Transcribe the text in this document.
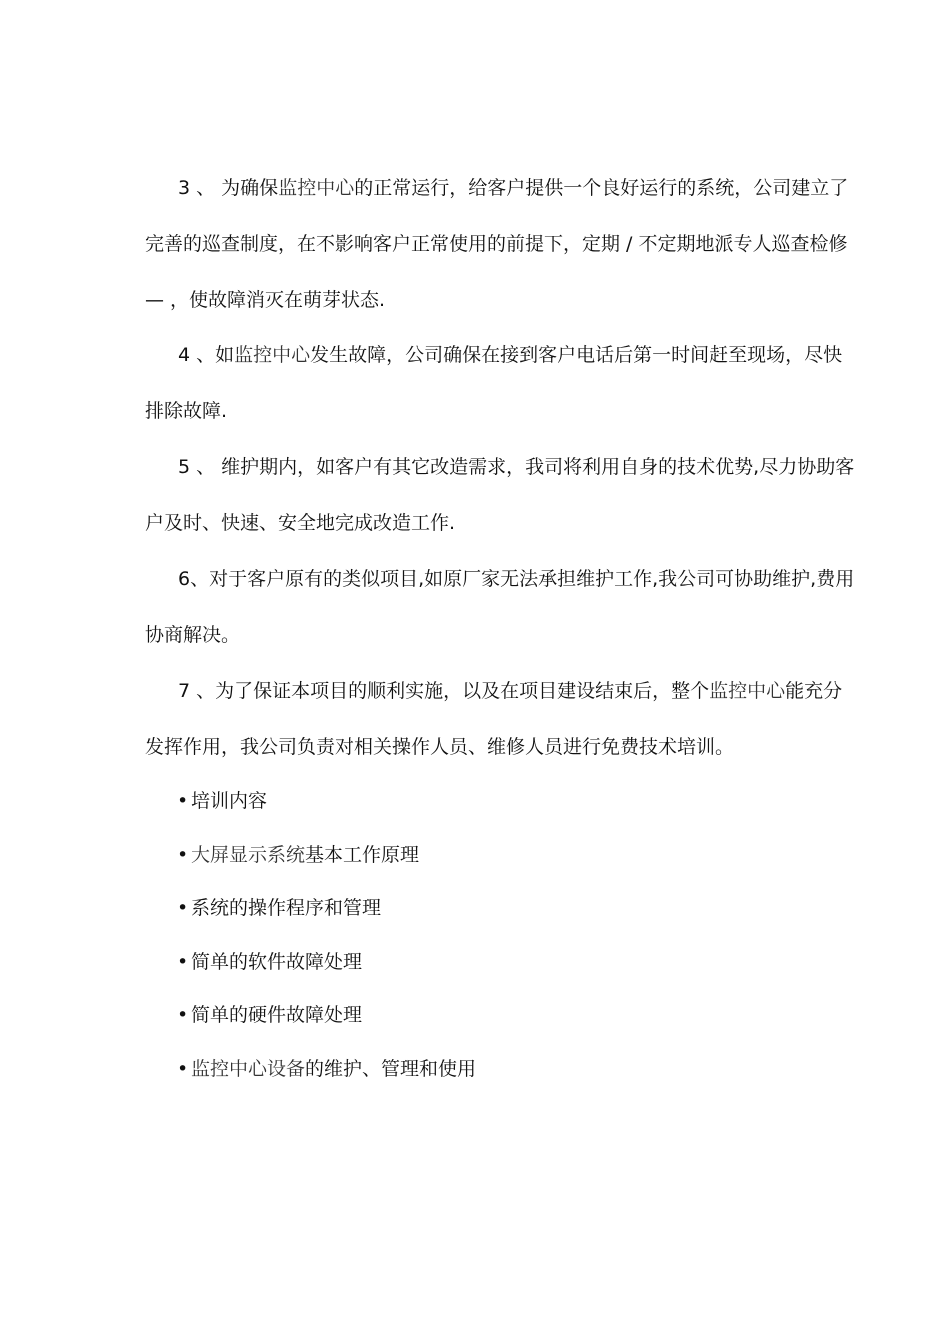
3 、 为确保监控中心的正常运行，给客户提供一个良好运行的系统，公司建立了完善的巡查制度，在不影响客户正常使用的前提下，定期 / 不定期地派专人巡查检修 — ，使故障消灭在萌芽状态.

4 、如监控中心发生故障，公司确保在接到客户电话后第一时间赶至现场，尽快排除故障.

5 、 维护期内，如客户有其它改造需求，我司将利用自身的技术优势,尽力协助客户及时、快速、安全地完成改造工作.

6、对于客户原有的类似项目,如原厂家无法承担维护工作,我公司可协助维护,费用协商解决。

7 、为了保证本项目的顺利实施，以及在项目建设结束后，整个监控中心能充分发挥作用，我公司负责对相关操作人员、维修人员进行免费技术培训。

• 培训内容
• 大屏显示系统基本工作原理
• 系统的操作程序和管理
• 简单的软件故障处理
• 简单的硬件故障处理
• 监控中心设备的维护、管理和使用
